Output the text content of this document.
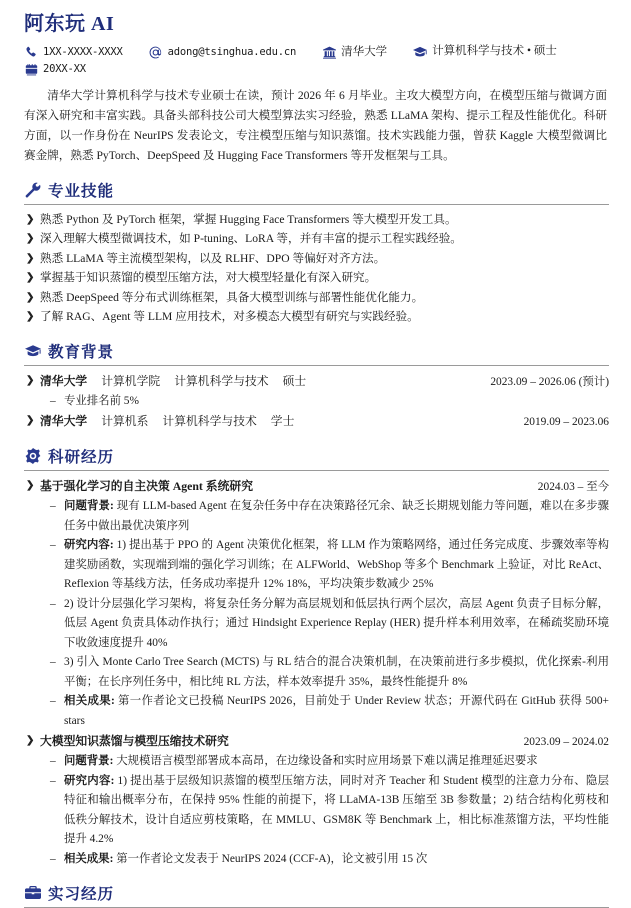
阿东玩 AI
1XX-XXXX-XXXX	adong@tsinghua.edu.cn	清华大学	计算机科学与技术 • 硕士
20XX-XX
清华大学计算机科学与技术专业硕士在读，预计 2026 年 6 月毕业。主攻大模型方向，在模型压缩与微调方面有深入研究和丰富实践。具备头部科技公司大模型算法实习经验，熟悉 LLaMA 架构、提示工程及性能优化。科研方面，以一作身份在 NeurIPS 发表论文，专注模型压缩与知识蒸馏。技术实践能力强，曾获 Kaggle 大模型微调比赛金牌，熟悉 PyTorch、DeepSpeed 及 Hugging Face Transformers 等开发框架与工具。
专业技能
❯ 熟悉 Python 及 PyTorch 框架，掌握 Hugging Face Transformers 等大模型开发工具。
❯ 深入理解大模型微调技术，如 P-tuning、LoRA 等，并有丰富的提示工程实践经验。
❯ 熟悉 LLaMA 等主流模型架构，以及 RLHF、DPO 等偏好对齐方法。
❯ 掌握基于知识蒸馏的模型压缩方法，对大模型轻量化有深入研究。
❯ 熟悉 DeepSpeed 等分布式训练框架，具备大模型训练与部署性能优化能力。
❯ 了解 RAG、Agent 等 LLM 应用技术，对多模态大模型有研究与实践经验。
教育背景
❯ 清华大学 计算机学院 计算机科学与技术 硕士	2023.09 – 2026.06 (预计)
– 专业排名前 5%
❯ 清华大学 计算机系 计算机科学与技术 学士	2019.09 – 2023.06
科研经历
❯ 基于强化学习的自主决策 Agent 系统研究	2024.03 – 至今
– 问题背景: 现有 LLM-based Agent 在复杂任务中存在决策路径冗余、缺乏长期规划能力等问题，难以在多步骤任务中做出最优决策序列
– 研究内容: 1) 提出基于 PPO 的 Agent 决策优化框架，将 LLM 作为策略网络，通过任务完成度、步骤效率等构建奖励函数，实现端到端的强化学习训练；在 ALFWorld、WebShop 等多个 Benchmark 上验证，对比 ReAct、Reflexion 等基线方法，任务成功率提升 12% 18%，平均决策步数减少 25%
– 2) 设计分层强化学习架构，将复杂任务分解为高层规划和低层执行两个层次，高层 Agent 负责子目标分解，低层 Agent 负责具体动作执行；通过 Hindsight Experience Replay (HER) 提升样本利用效率，在稀疏奖励环境下收敛速度提升 40%
– 3) 引入 Monte Carlo Tree Search (MCTS) 与 RL 结合的混合决策机制，在决策前进行多步模拟，优化探索-利用平衡；在长序列任务中，相比纯 RL 方法，样本效率提升 35%，最终性能提升 8%
– 相关成果: 第一作者论文已投稿 NeurIPS 2026，目前处于 Under Review 状态；开源代码在 GitHub 获得 500+ stars
❯ 大模型知识蒸馏与模型压缩技术研究	2023.09 – 2024.02
– 问题背景: 大规模语言模型部署成本高昂，在边缘设备和实时应用场景下难以满足推理延迟要求
– 研究内容: 1) 提出基于层级知识蒸馏的模型压缩方法，同时对齐 Teacher 和 Student 模型的注意力分布、隐层特征和输出概率分布，在保持 95% 性能的前提下，将 LLaMA-13B 压缩至 3B 参数量；2) 结合结构化剪枝和低秩分解技术，设计自适应剪枝策略，在 MMLU、GSM8K 等 Benchmark 上，相比标准蒸馏方法，平均性能提升 4.2%
– 相关成果: 第一作者论文发表于 NeurIPS 2024 (CCF-A)，论文被引用 15 次
实习经历
